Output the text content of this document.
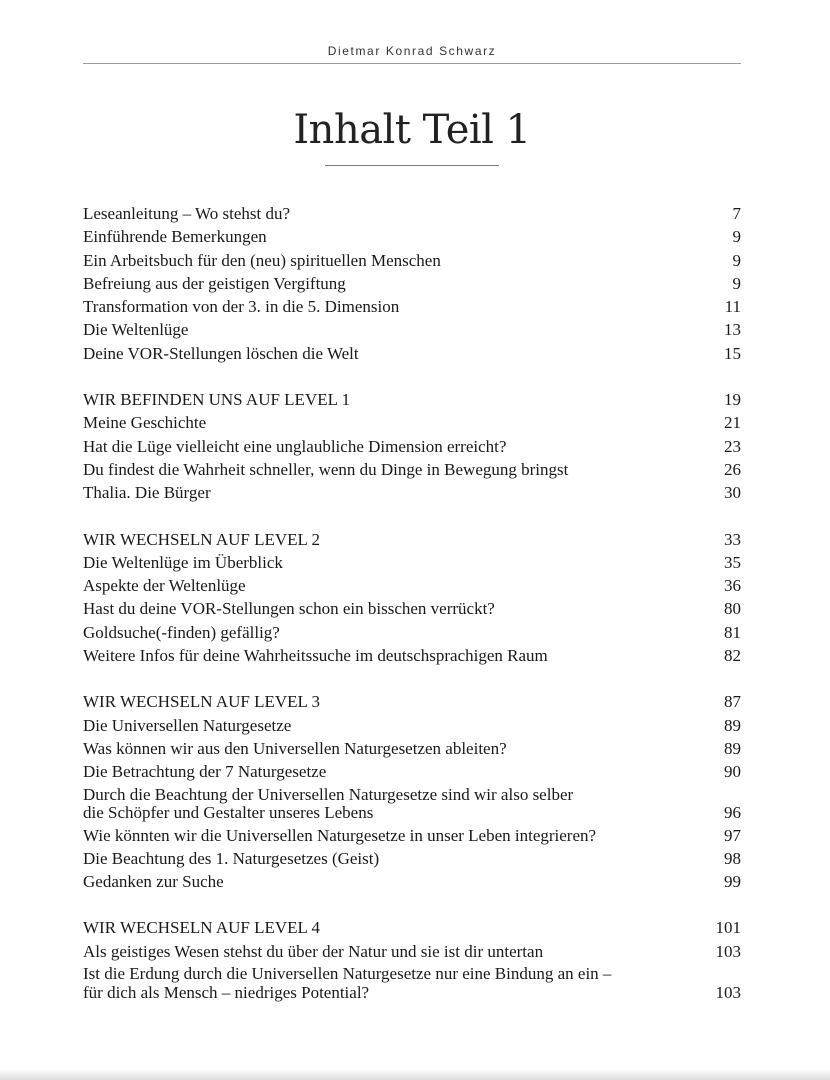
Dietmar Konrad Schwarz
Inhalt Teil 1
Leseanleitung – Wo stehst du?	7
Einführende Bemerkungen	9
Ein Arbeitsbuch für den (neu) spirituellen Menschen	9
Befreiung aus der geistigen Vergiftung	9
Transformation von der 3. in die 5. Dimension	11
Die Weltenlüge	13
Deine VOR-Stellungen löschen die Welt	15
WIR BEFINDEN UNS AUF LEVEL 1	19
Meine Geschichte	21
Hat die Lüge vielleicht eine unglaubliche Dimension erreicht?	23
Du findest die Wahrheit schneller, wenn du Dinge in Bewegung bringst	26
Thalia. Die Bürger	30
WIR WECHSELN AUF LEVEL 2	33
Die Weltenlüge im Überblick	35
Aspekte der Weltenlüge	36
Hast du deine VOR-Stellungen schon ein bisschen verrückt?	80
Goldsuche(-finden) gefällig?	81
Weitere Infos für deine Wahrheitssuche im deutschsprachigen Raum	82
WIR WECHSELN AUF LEVEL 3	87
Die Universellen Naturgesetze	89
Was können wir aus den Universellen Naturgesetzen ableiten?	89
Die Betrachtung der 7 Naturgesetze	90
Durch die Beachtung der Universellen Naturgesetze sind wir also selber
die Schöpfer und Gestalter unseres Lebens	96
Wie könnten wir die Universellen Naturgesetze in unser Leben integrieren?	97
Die Beachtung des 1. Naturgesetzes (Geist)	98
Gedanken zur Suche	99
WIR WECHSELN AUF LEVEL 4	101
Als geistiges Wesen stehst du über der Natur und sie ist dir untertan	103
Ist die Erdung durch die Universellen Naturgesetze nur eine Bindung an ein –
für dich als Mensch – niedriges Potential?	103
